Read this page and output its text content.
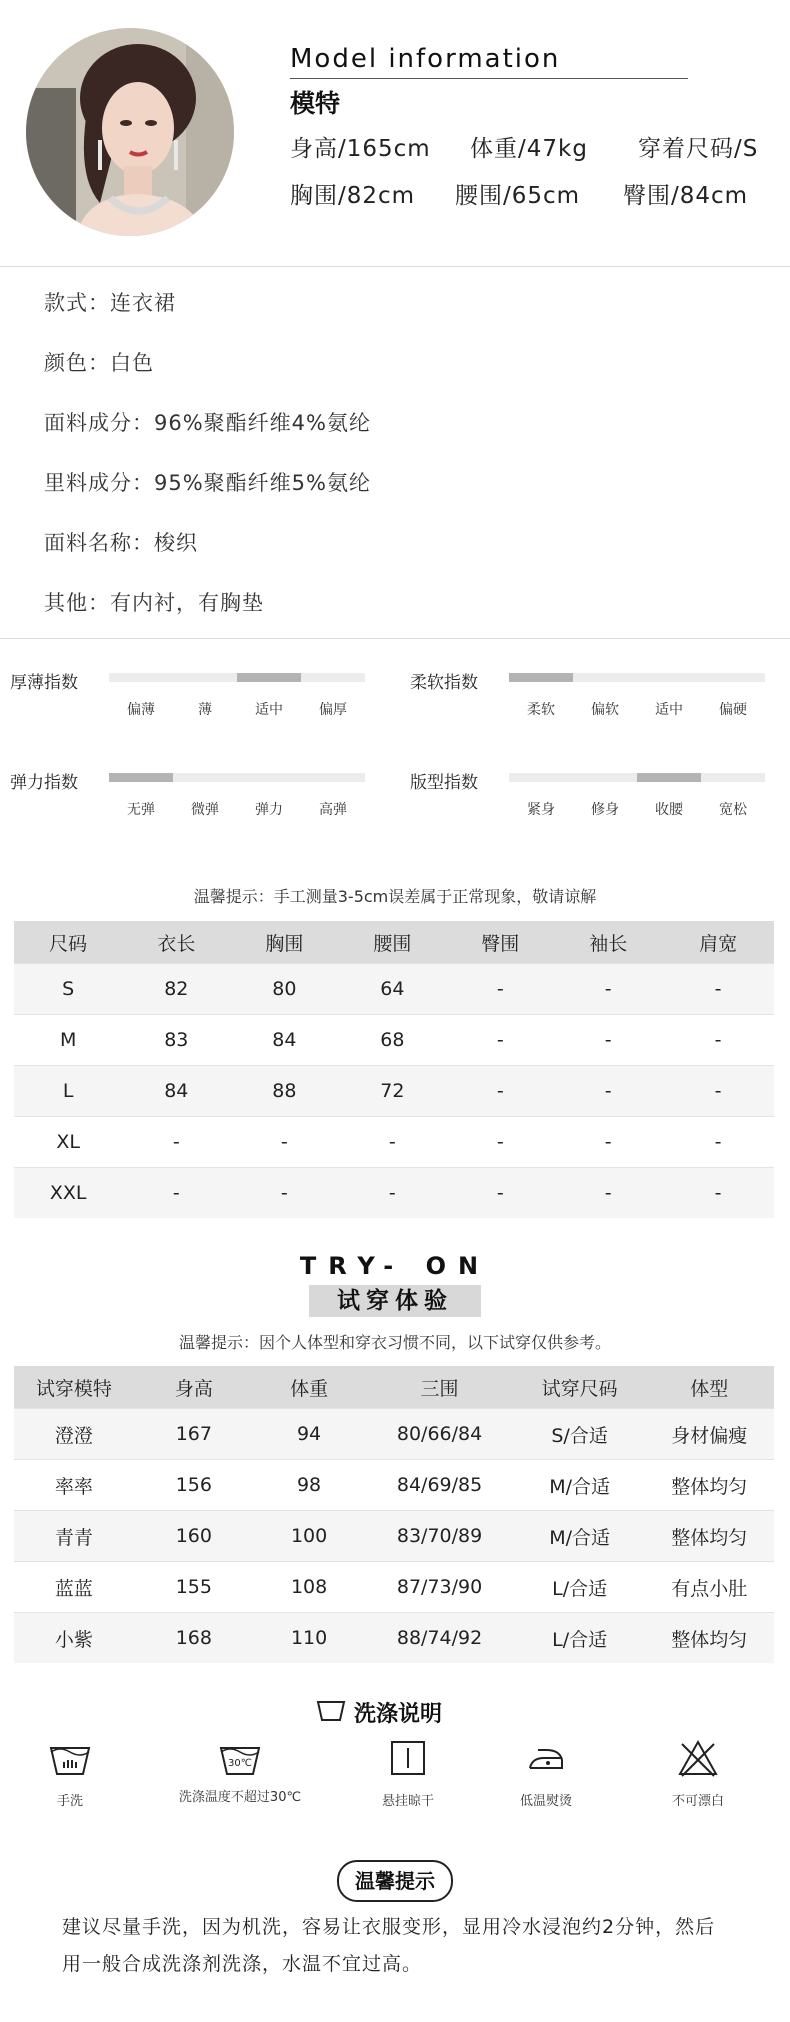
Model information
模特
身高/165cm 体重/47kg 穿着尺码/S
胸围/82cm 腰围/65cm 臀围/84cm
款式：连衣裙
颜色：白色
面料成分：96%聚酯纤维4%氨纶
里料成分：95%聚酯纤维5%氨纶
面料名称：梭织
其他：有内衬，有胸垫
厚薄指数
偏薄	薄	适中	偏厚
柔软指数
柔软	偏软	适中	偏硬
弹力指数
无弹	微弹	弹力	高弹
版型指数
紧身	修身	收腰	宽松
温馨提示：手工测量3-5cm误差属于正常现象，敬请谅解
尺码	衣长	胸围	腰围	臀围	袖长	肩宽
S	82	80	64	-	-	-
M	83	84	68	-	-	-
L	84	88	72	-	-	-
XL	-	-	-	-	-	-
XXL	-	-	-	-	-	-
TRY- ON
试穿体验
温馨提示：因个人体型和穿衣习惯不同，以下试穿仅供参考。
试穿模特	身高	体重	三围	试穿尺码	体型
澄澄	167	94	80/66/84	S/合适	身材偏瘦
率率	156	98	84/69/85	M/合适	整体均匀
青青	160	100	83/70/89	M/合适	整体均匀
蓝蓝	155	108	87/73/90	L/合适	有点小肚
小紫	168	110	88/74/92	L/合适	整体均匀
洗涤说明
手洗
30℃
洗涤温度不超过30℃	悬挂晾干	低温熨烫	不可漂白
温馨提示
建议尽量手洗，因为机洗，容易让衣服变形，显用冷水浸泡约2分钟，然后
用一般合成洗涤剂洗涤，水温不宜过高。
